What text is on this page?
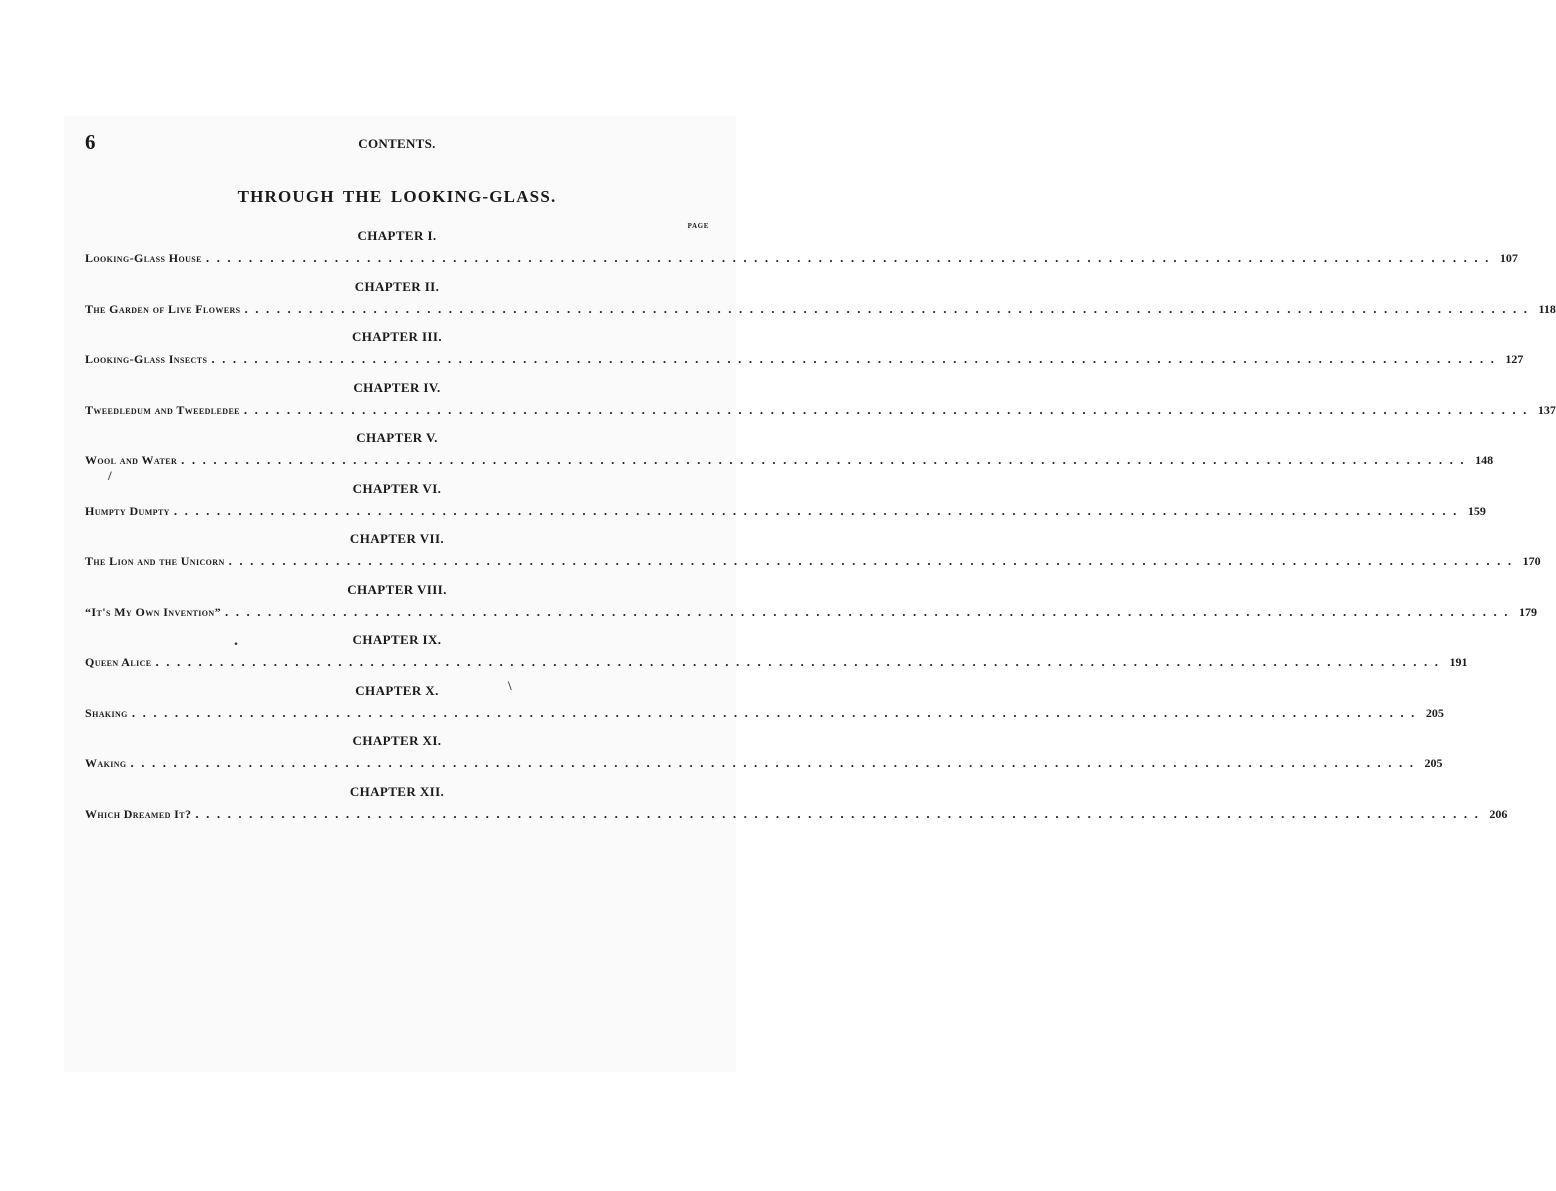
6	CONTENTS.
THROUGH THE LOOKING-GLASS.
PAGE
CHAPTER I.
Looking-Glass House ........................................................................................................................ 107
CHAPTER II.
The Garden of Live Flowers ........................................................................................................................ 118
CHAPTER III.
Looking-Glass Insects ........................................................................................................................ 127
CHAPTER IV.
Tweedledum and Tweedledee ........................................................................................................................ 137
CHAPTER V.
Wool and Water ........................................................................................................................ 148
CHAPTER VI.
Humpty Dumpty ........................................................................................................................ 159
CHAPTER VII.
The Lion and the Unicorn ........................................................................................................................ 170
CHAPTER VIII.
“It's My Own Invention” ........................................................................................................................ 179
CHAPTER IX.
Queen Alice ........................................................................................................................ 191
CHAPTER X.
Shaking ........................................................................................................................ 205
CHAPTER XI.
Waking ........................................................................................................................ 205
CHAPTER XII.
Which Dreamed It? ........................................................................................................................ 206
/
.
\
